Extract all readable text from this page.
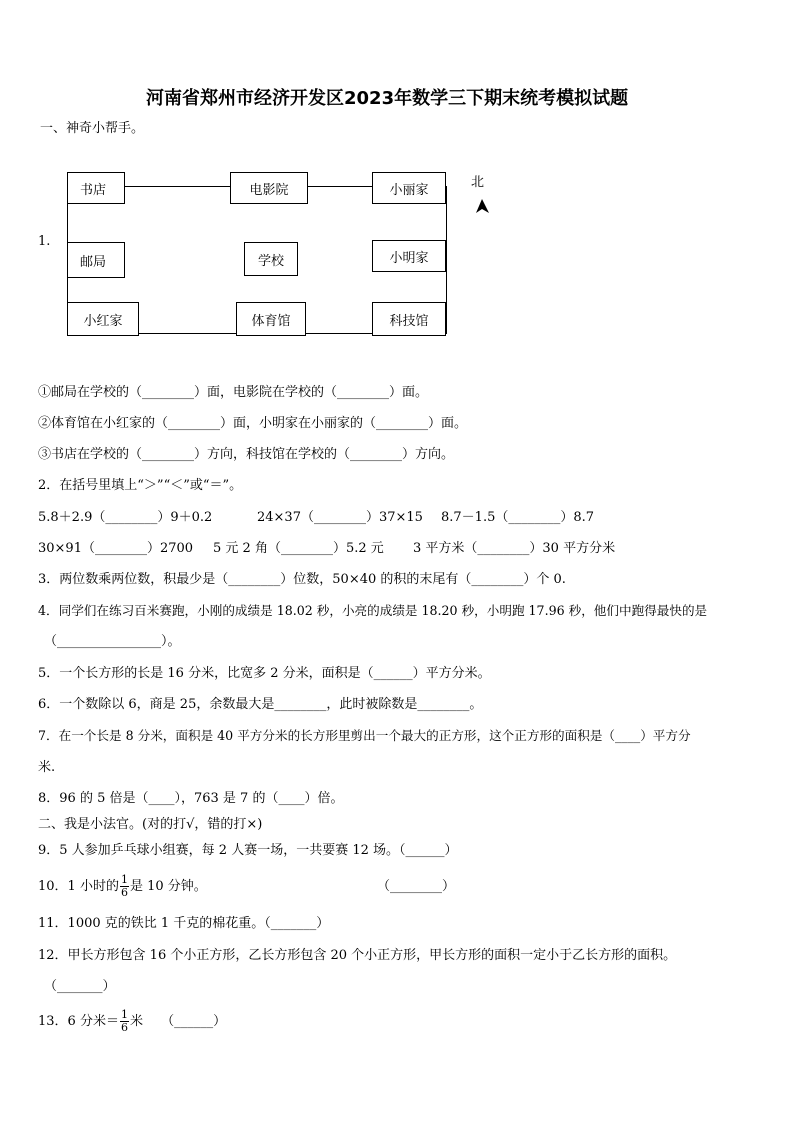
河南省郑州市经济开发区2023年数学三下期末统考模拟试题
一、神奇小帮手。
1.
书店	电影院	小丽家
邮局	学校	小明家
小红家	体育馆	科技馆
北
①邮局在学校的（________）面，电影院在学校的（________）面。
②体育馆在小红家的（________）面，小明家在小丽家的（________）面。
③书店在学校的（________）方向，科技馆在学校的（________）方向。
2．在括号里填上“＞”“＜”或“＝”。
5.8＋2.9（________）9＋0.2	24×37（________）37×15 8.7－1.5（________）8.7
30×91（________）2700 5 元 2 角（________）5.2 元 3 平方米（________）30 平方分米
3．两位数乘两位数，积最少是（________）位数，50×40 的积的末尾有（________）个 0.
4．同学们在练习百米赛跑，小刚的成绩是 18.02 秒，小亮的成绩是 18.20 秒，小明跑 17.96 秒，他们中跑得最快的是
（________________）。
5．一个长方形的长是 16 分米，比宽多 2 分米，面积是（______）平方分米。
6．一个数除以 6，商是 25，余数最大是________，此时被除数是________。
7．在一个长是 8 分米，面积是 40 平方分米的长方形里剪出一个最大的正方形，这个正方形的面积是（____）平方分
米.
8．96 的 5 倍是（____），763 是 7 的（____）倍。
二、我是小法官。(对的打√，错的打×)
9．5 人参加乒乓球小组赛，每 2 人赛一场，一共要赛 12 场。（______）
10．1 小时的 $\frac{1}{6}$ 是 10 分钟。	（________）
11．1000 克的铁比 1 千克的棉花重。（_______）
12．甲长方形包含 16 个小正方形，乙长方形包含 20 个小正方形，甲长方形的面积一定小于乙长方形的面积。
（_______）
13．6 分米＝ $\frac{1}{6}$ 米 （______）
